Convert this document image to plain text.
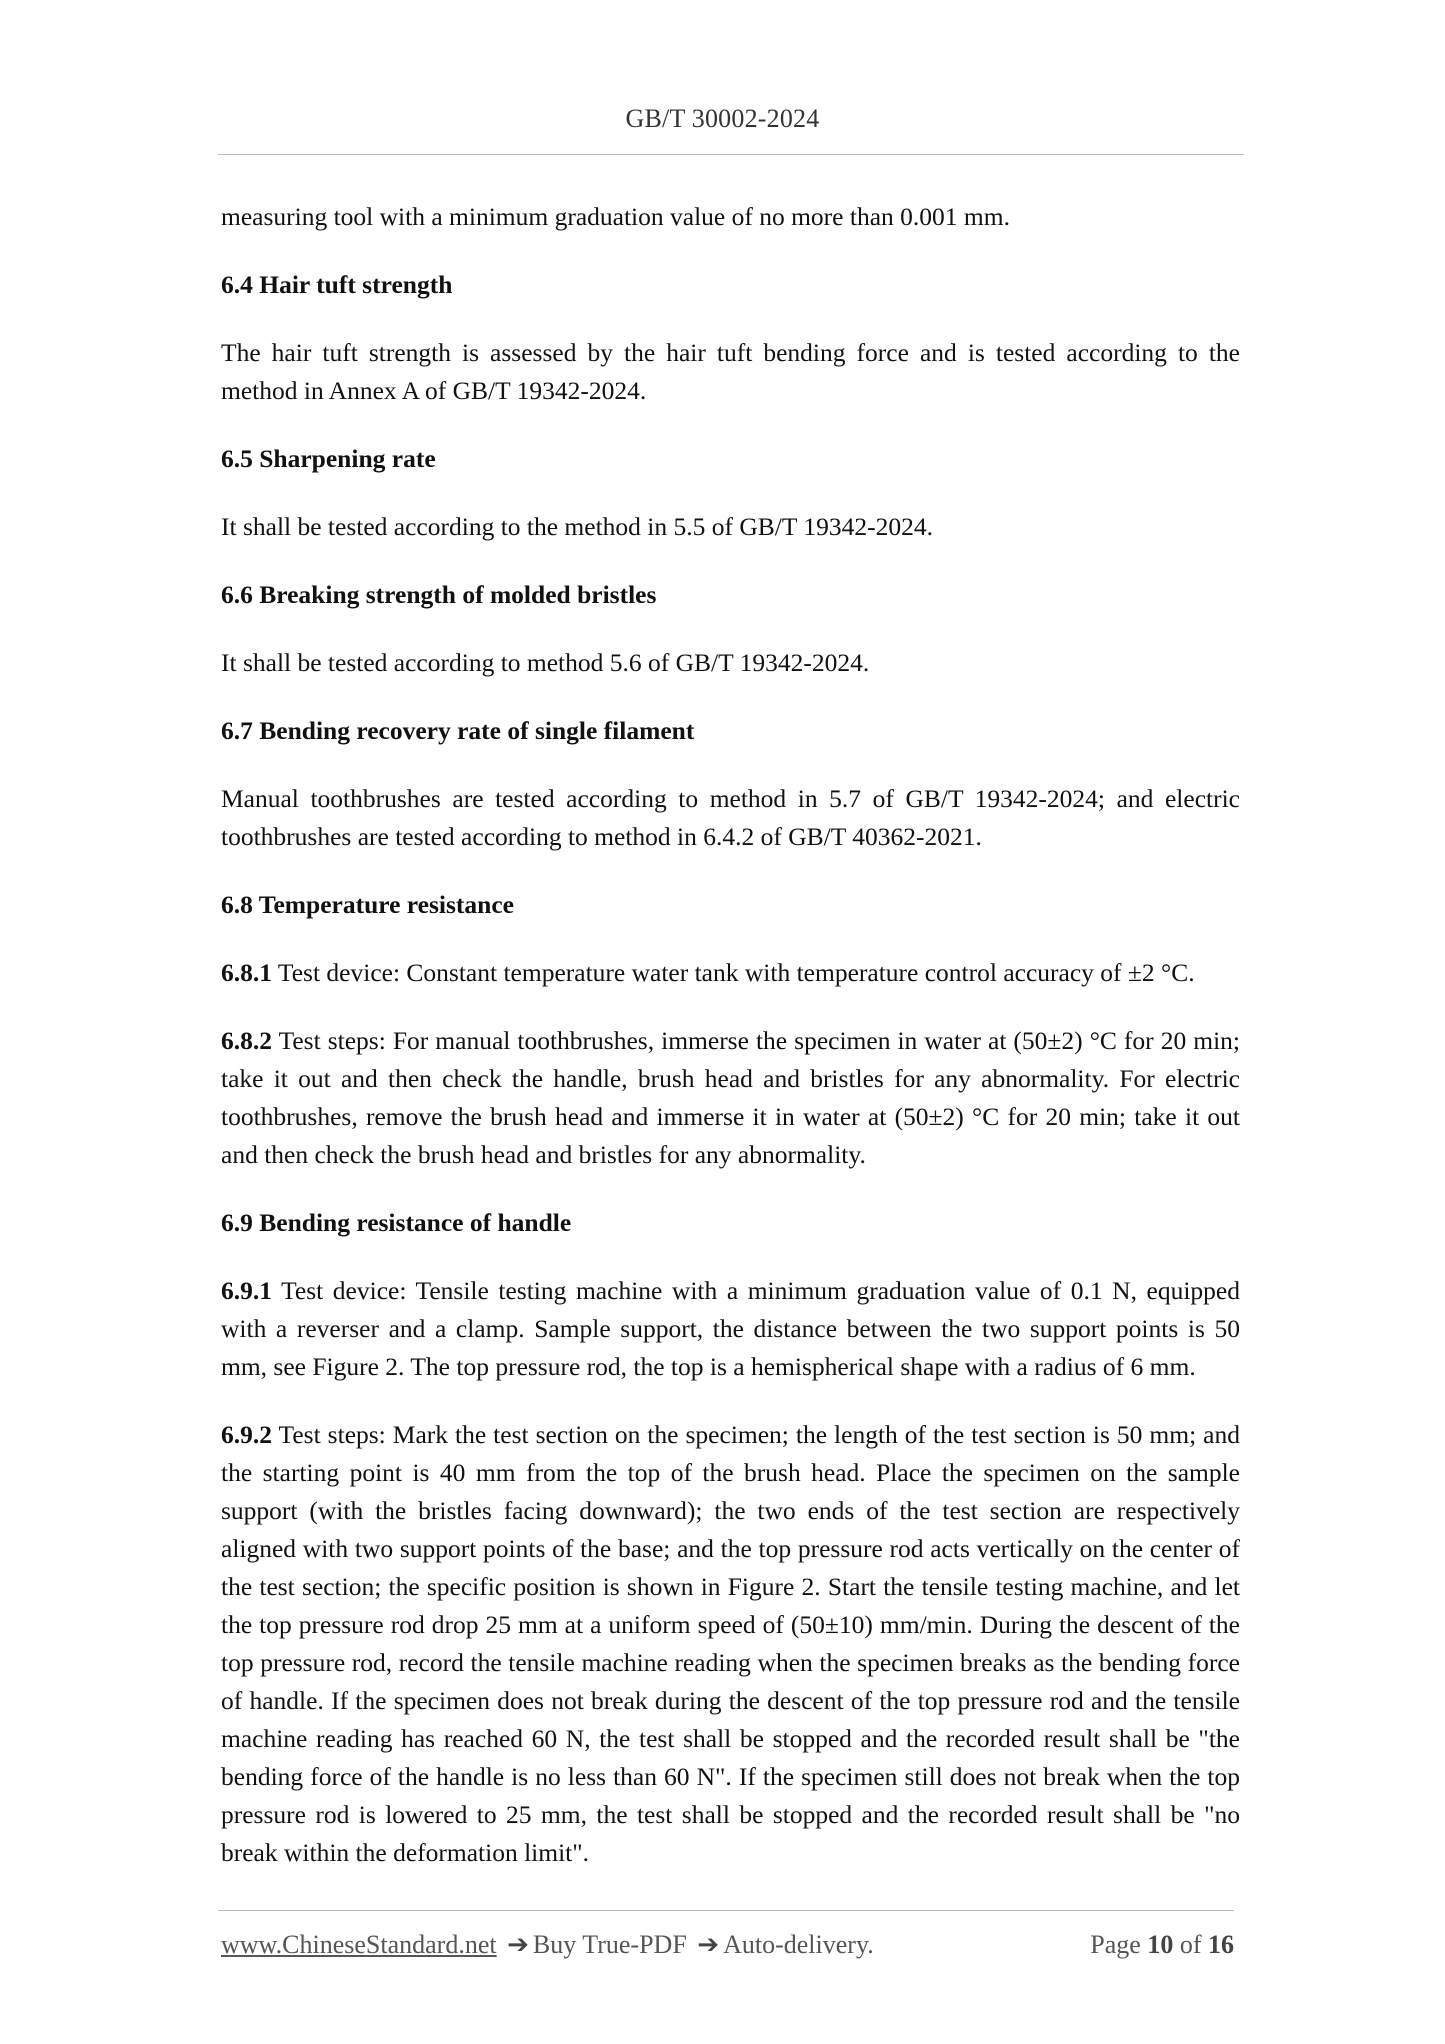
GB/T 30002-2024

measuring tool with a minimum graduation value of no more than 0.001 mm.

6.4 Hair tuft strength

The hair tuft strength is assessed by the hair tuft bending force and is tested according to the method in Annex A of GB/T 19342-2024.

6.5 Sharpening rate

It shall be tested according to the method in 5.5 of GB/T 19342-2024.

6.6 Breaking strength of molded bristles

It shall be tested according to method 5.6 of GB/T 19342-2024.

6.7 Bending recovery rate of single filament

Manual toothbrushes are tested according to method in 5.7 of GB/T 19342-2024; and electric toothbrushes are tested according to method in 6.4.2 of GB/T 40362-2021.

6.8 Temperature resistance

6.8.1 Test device: Constant temperature water tank with temperature control accuracy of ±2 °C.

6.8.2 Test steps: For manual toothbrushes, immerse the specimen in water at (50±2) °C for 20 min; take it out and then check the handle, brush head and bristles for any abnormality. For electric toothbrushes, remove the brush head and immerse it in water at (50±2) °C for 20 min; take it out and then check the brush head and bristles for any abnormality.

6.9 Bending resistance of handle

6.9.1 Test device: Tensile testing machine with a minimum graduation value of 0.1 N, equipped with a reverser and a clamp. Sample support, the distance between the two support points is 50 mm, see Figure 2. The top pressure rod, the top is a hemispherical shape with a radius of 6 mm.

6.9.2 Test steps: Mark the test section on the specimen; the length of the test section is 50 mm; and the starting point is 40 mm from the top of the brush head. Place the specimen on the sample support (with the bristles facing downward); the two ends of the test section are respectively aligned with two support points of the base; and the top pressure rod acts vertically on the center of the test section; the specific position is shown in Figure 2. Start the tensile testing machine, and let the top pressure rod drop 25 mm at a uniform speed of (50±10) mm/min. During the descent of the top pressure rod, record the tensile machine reading when the specimen breaks as the bending force of handle. If the specimen does not break during the descent of the top pressure rod and the tensile machine reading has reached 60 N, the test shall be stopped and the recorded result shall be "the bending force of the handle is no less than 60 N". If the specimen still does not break when the top pressure rod is lowered to 25 mm, the test shall be stopped and the recorded result shall be "no break within the deformation limit".

www.ChineseStandard.net ➔ Buy True-PDF ➔ Auto-delivery.	Page 10 of 16
